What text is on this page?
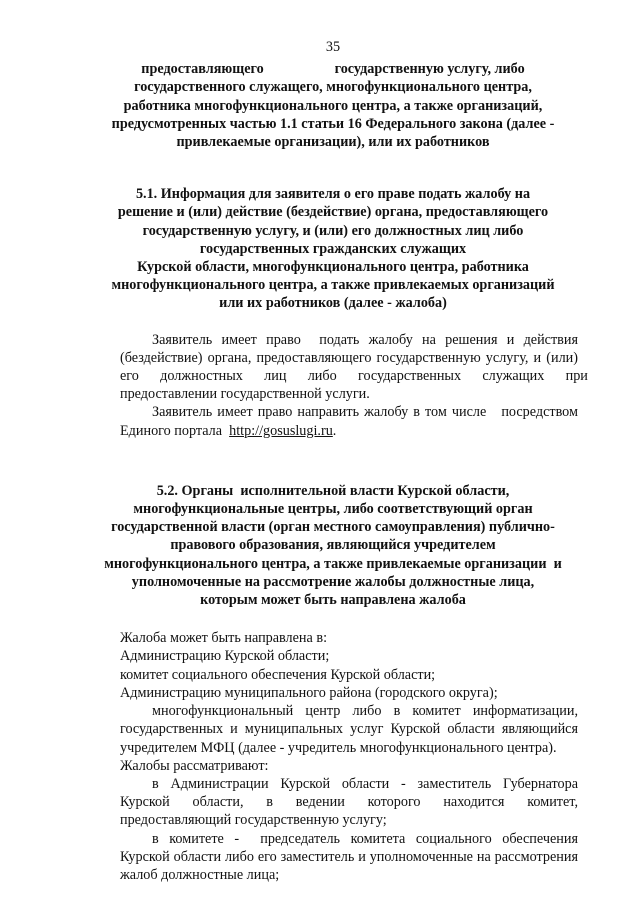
35
предоставляющего                    государственную услугу, либо
государственного служащего, многофункционального центра,
работника многофункционального центра, а также организаций,
предусмотренных частью 1.1 статьи 16 Федерального закона (далее -
привлекаемые организации), или их работников
5.1. Информация для заявителя о его праве подать жалобу на
решение и (или) действие (бездействие) органа, предоставляющего
государственную услугу, и (или) его должностных лиц либо
государственных гражданских служащих
Курской области, многофункционального центра, работника
многофункционального центра, а также привлекаемых организаций
или их работников (далее - жалоба)
Заявитель имеет право  подать жалобу на решения и действия
(бездействие) органа, предоставляющего государственную услугу, и (или)
его      должностных      лиц      либо      государственных      служащих      при
предоставлении государственной услуги.
Заявитель имеет право направить жалобу в том числе   посредством
Единого портала  http://gosuslugi.ru.
5.2. Органы  исполнительной власти Курской области,
многофункциональные центры, либо соответствующий орган
государственной власти (орган местного самоуправления) публично-
правового образования, являющийся учредителем
многофункционального центра, а также привлекаемые организации  и
уполномоченные на рассмотрение жалобы должностные лица,
которым может быть направлена жалоба
Жалоба может быть направлена в:
Администрацию Курской области;
комитет социального обеспечения Курской области;
Администрацию муниципального района (городского округа);
многофункциональный  центр  либо  в  комитет  информатизации,
государственных и муниципальных услуг Курской области являющийся
учредителем МФЦ (далее - учредитель многофункционального центра).
Жалобы рассматривают:
в  Администрации  Курской  области  -  заместитель  Губернатора
Курской      области,      в      ведении      которого      находится      комитет,
предоставляющий государственную услугу;
в  комитете  -    председатель  комитета  социального  обеспечения
Курской области либо его заместитель и уполномоченные на рассмотрения
жалоб должностные лица;
